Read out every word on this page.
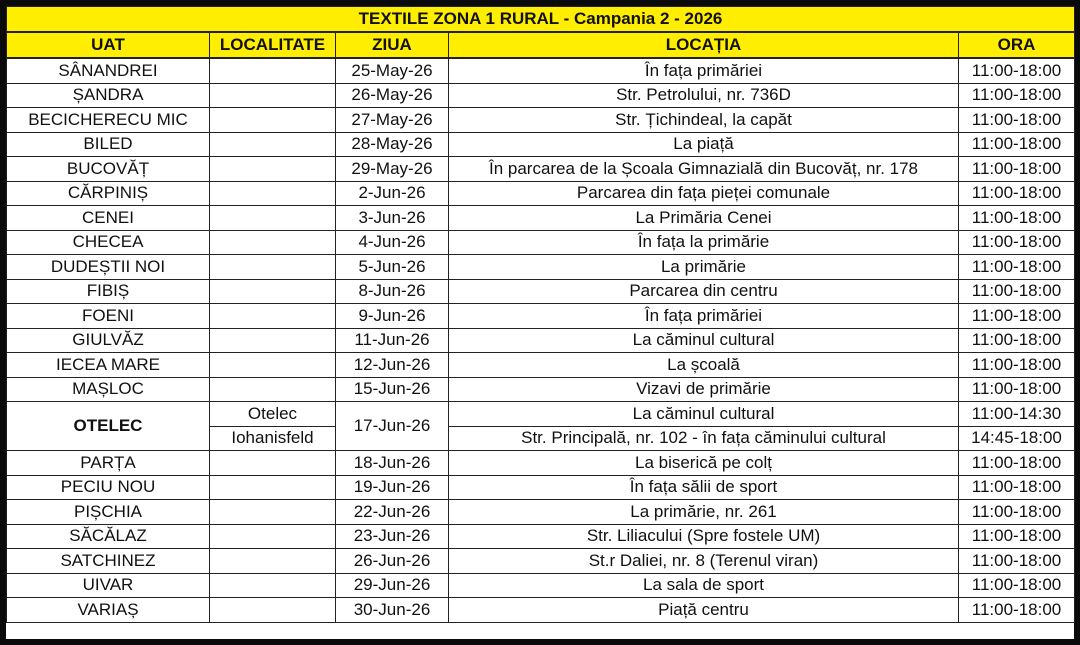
TEXTILE ZONA 1 RURAL - Campania 2 - 2026				
UAT	LOCALITATE	ZIUA	LOCAȚIA	ORA
SÂNANDREI		25-May-26	În fața primăriei	11:00-18:00
ȘANDRA		26-May-26	Str. Petrolului, nr. 736D	11:00-18:00
BECICHERECU MIC		27-May-26	Str. Țichindeal, la capăt	11:00-18:00
BILED		28-May-26	La piață	11:00-18:00
BUCOVĂȚ		29-May-26	În parcarea de la Școala Gimnazială din Bucovăț, nr. 178	11:00-18:00
CĂRPINIȘ		2-Jun-26	Parcarea din fața pieței comunale	11:00-18:00
CENEI		3-Jun-26	La Primăria Cenei	11:00-18:00
CHECEA		4-Jun-26	În fața la primărie	11:00-18:00
DUDEȘTII NOI		5-Jun-26	La primărie	11:00-18:00
FIBIȘ		8-Jun-26	Parcarea din centru	11:00-18:00
FOENI		9-Jun-26	În fața primăriei	11:00-18:00
GIULVĂZ		11-Jun-26	La căminul cultural	11:00-18:00
IECEA MARE		12-Jun-26	La școală	11:00-18:00
MAȘLOC		15-Jun-26	Vizavi de primărie	11:00-18:00
OTELEC	Otelec	17-Jun-26	La căminul cultural	11:00-14:30
	Iohanisfeld		Str. Principală, nr. 102 - în fața căminului cultural	14:45-18:00
PARȚA		18-Jun-26	La biserică pe colț	11:00-18:00
PECIU NOU		19-Jun-26	În fața sălii de sport	11:00-18:00
PIȘCHIA		22-Jun-26	La primărie, nr. 261	11:00-18:00
SĂCĂLAZ		23-Jun-26	Str. Liliacului (Spre fostele UM)	11:00-18:00
SATCHINEZ		26-Jun-26	St.r Daliei, nr. 8 (Terenul viran)	11:00-18:00
UIVAR		29-Jun-26	La sala de sport	11:00-18:00
VARIAȘ		30-Jun-26	Piață centru	11:00-18:00
